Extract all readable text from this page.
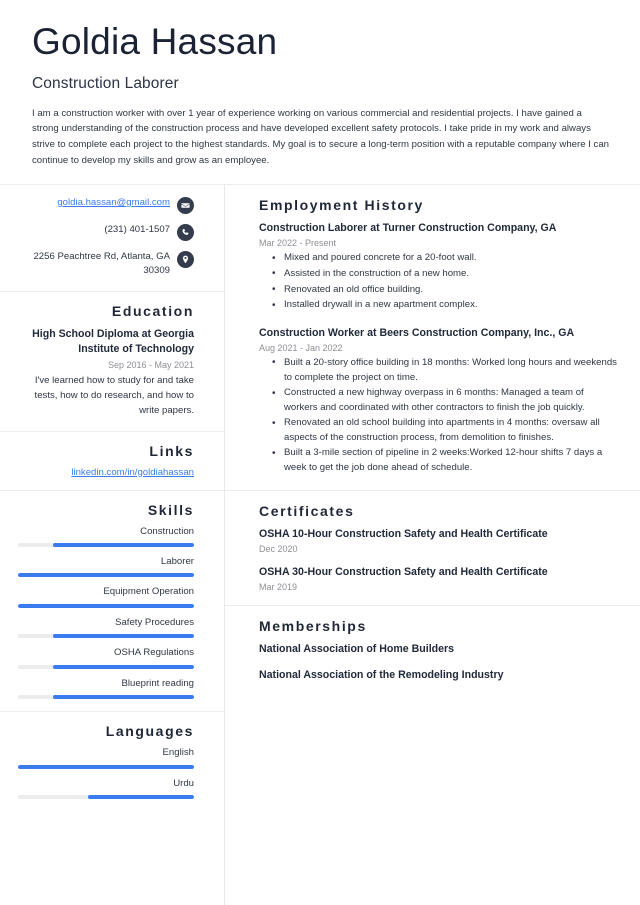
Goldia Hassan
Construction Laborer

I am a construction worker with over 1 year of experience working on various commercial and residential projects. I have gained a strong understanding of the construction process and have developed excellent safety protocols. I take pride in my work and always strive to complete each project to the highest standards. My goal is to secure a long-term position with a reputable company where I can continue to develop my skills and grow as an employee.

goldia.hassan@gmail.com
(231) 401-1507
2256 Peachtree Rd, Atlanta, GA 30309
Education
High School Diploma at Georgia Institute of Technology
Sep 2016 - May 2021
I've learned how to study for and take tests, how to do research, and how to write papers.
Links
linkedin.com/in/goldiahassan
Skills
Construction
Laborer
Equipment Operation
Safety Procedures
OSHA Regulations
Blueprint reading
Languages
English
Urdu
Employment History
Construction Laborer at Turner Construction Company, GA
Mar 2022 - Present
• Mixed and poured concrete for a 20-foot wall.
• Assisted in the construction of a new home.
• Renovated an old office building.
• Installed drywall in a new apartment complex.
Construction Worker at Beers Construction Company, Inc., GA
Aug 2021 - Jan 2022
• Built a 20-story office building in 18 months: Worked long hours and weekends to complete the project on time.
• Constructed a new highway overpass in 6 months: Managed a team of workers and coordinated with other contractors to finish the job quickly.
• Renovated an old school building into apartments in 4 months: oversaw all aspects of the construction process, from demolition to finishes.
• Built a 3-mile section of pipeline in 2 weeks:Worked 12-hour shifts 7 days a week to get the job done ahead of schedule.
Certificates
OSHA 10-Hour Construction Safety and Health Certificate
Dec 2020
OSHA 30-Hour Construction Safety and Health Certificate
Mar 2019
Memberships
National Association of Home Builders
National Association of the Remodeling Industry
